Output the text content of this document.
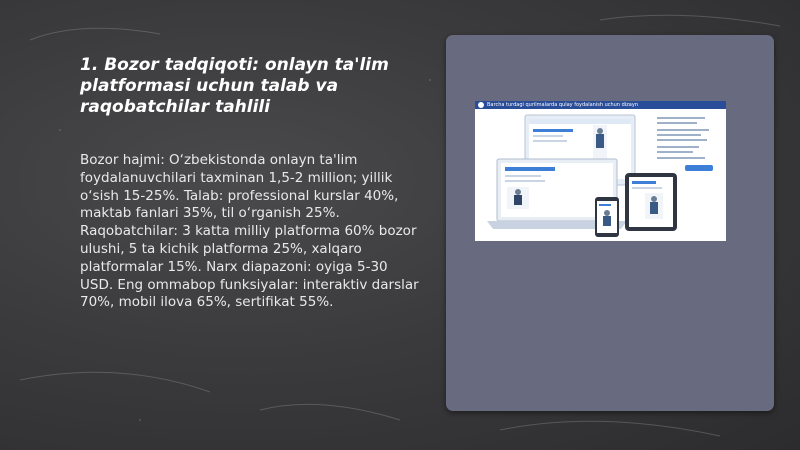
1. Bozor tadqiqoti: onlayn ta'lim platformasi uchun talab va raqobatchilar tahlili

Bozor hajmi: O‘zbekistonda onlayn ta'lim foydalanuvchilari taxminan 1,5-2 million; yillik o‘sish 15-25%. Talab: professional kurslar 40%, maktab fanlari 35%, til o‘rganish 25%. Raqobatchilar: 3 katta milliy platforma 60% bozor ulushi, 5 ta kichik platforma 25%, xalqaro platformalar 15%. Narx diapazoni: oyiga 5-30 USD. Eng ommabop funksiyalar: interaktiv darslar 70%, mobil ilova 65%, sertifikat 55%.

Barcha turdagi qurilmalarda qulay foydalanish uchun dizayn
